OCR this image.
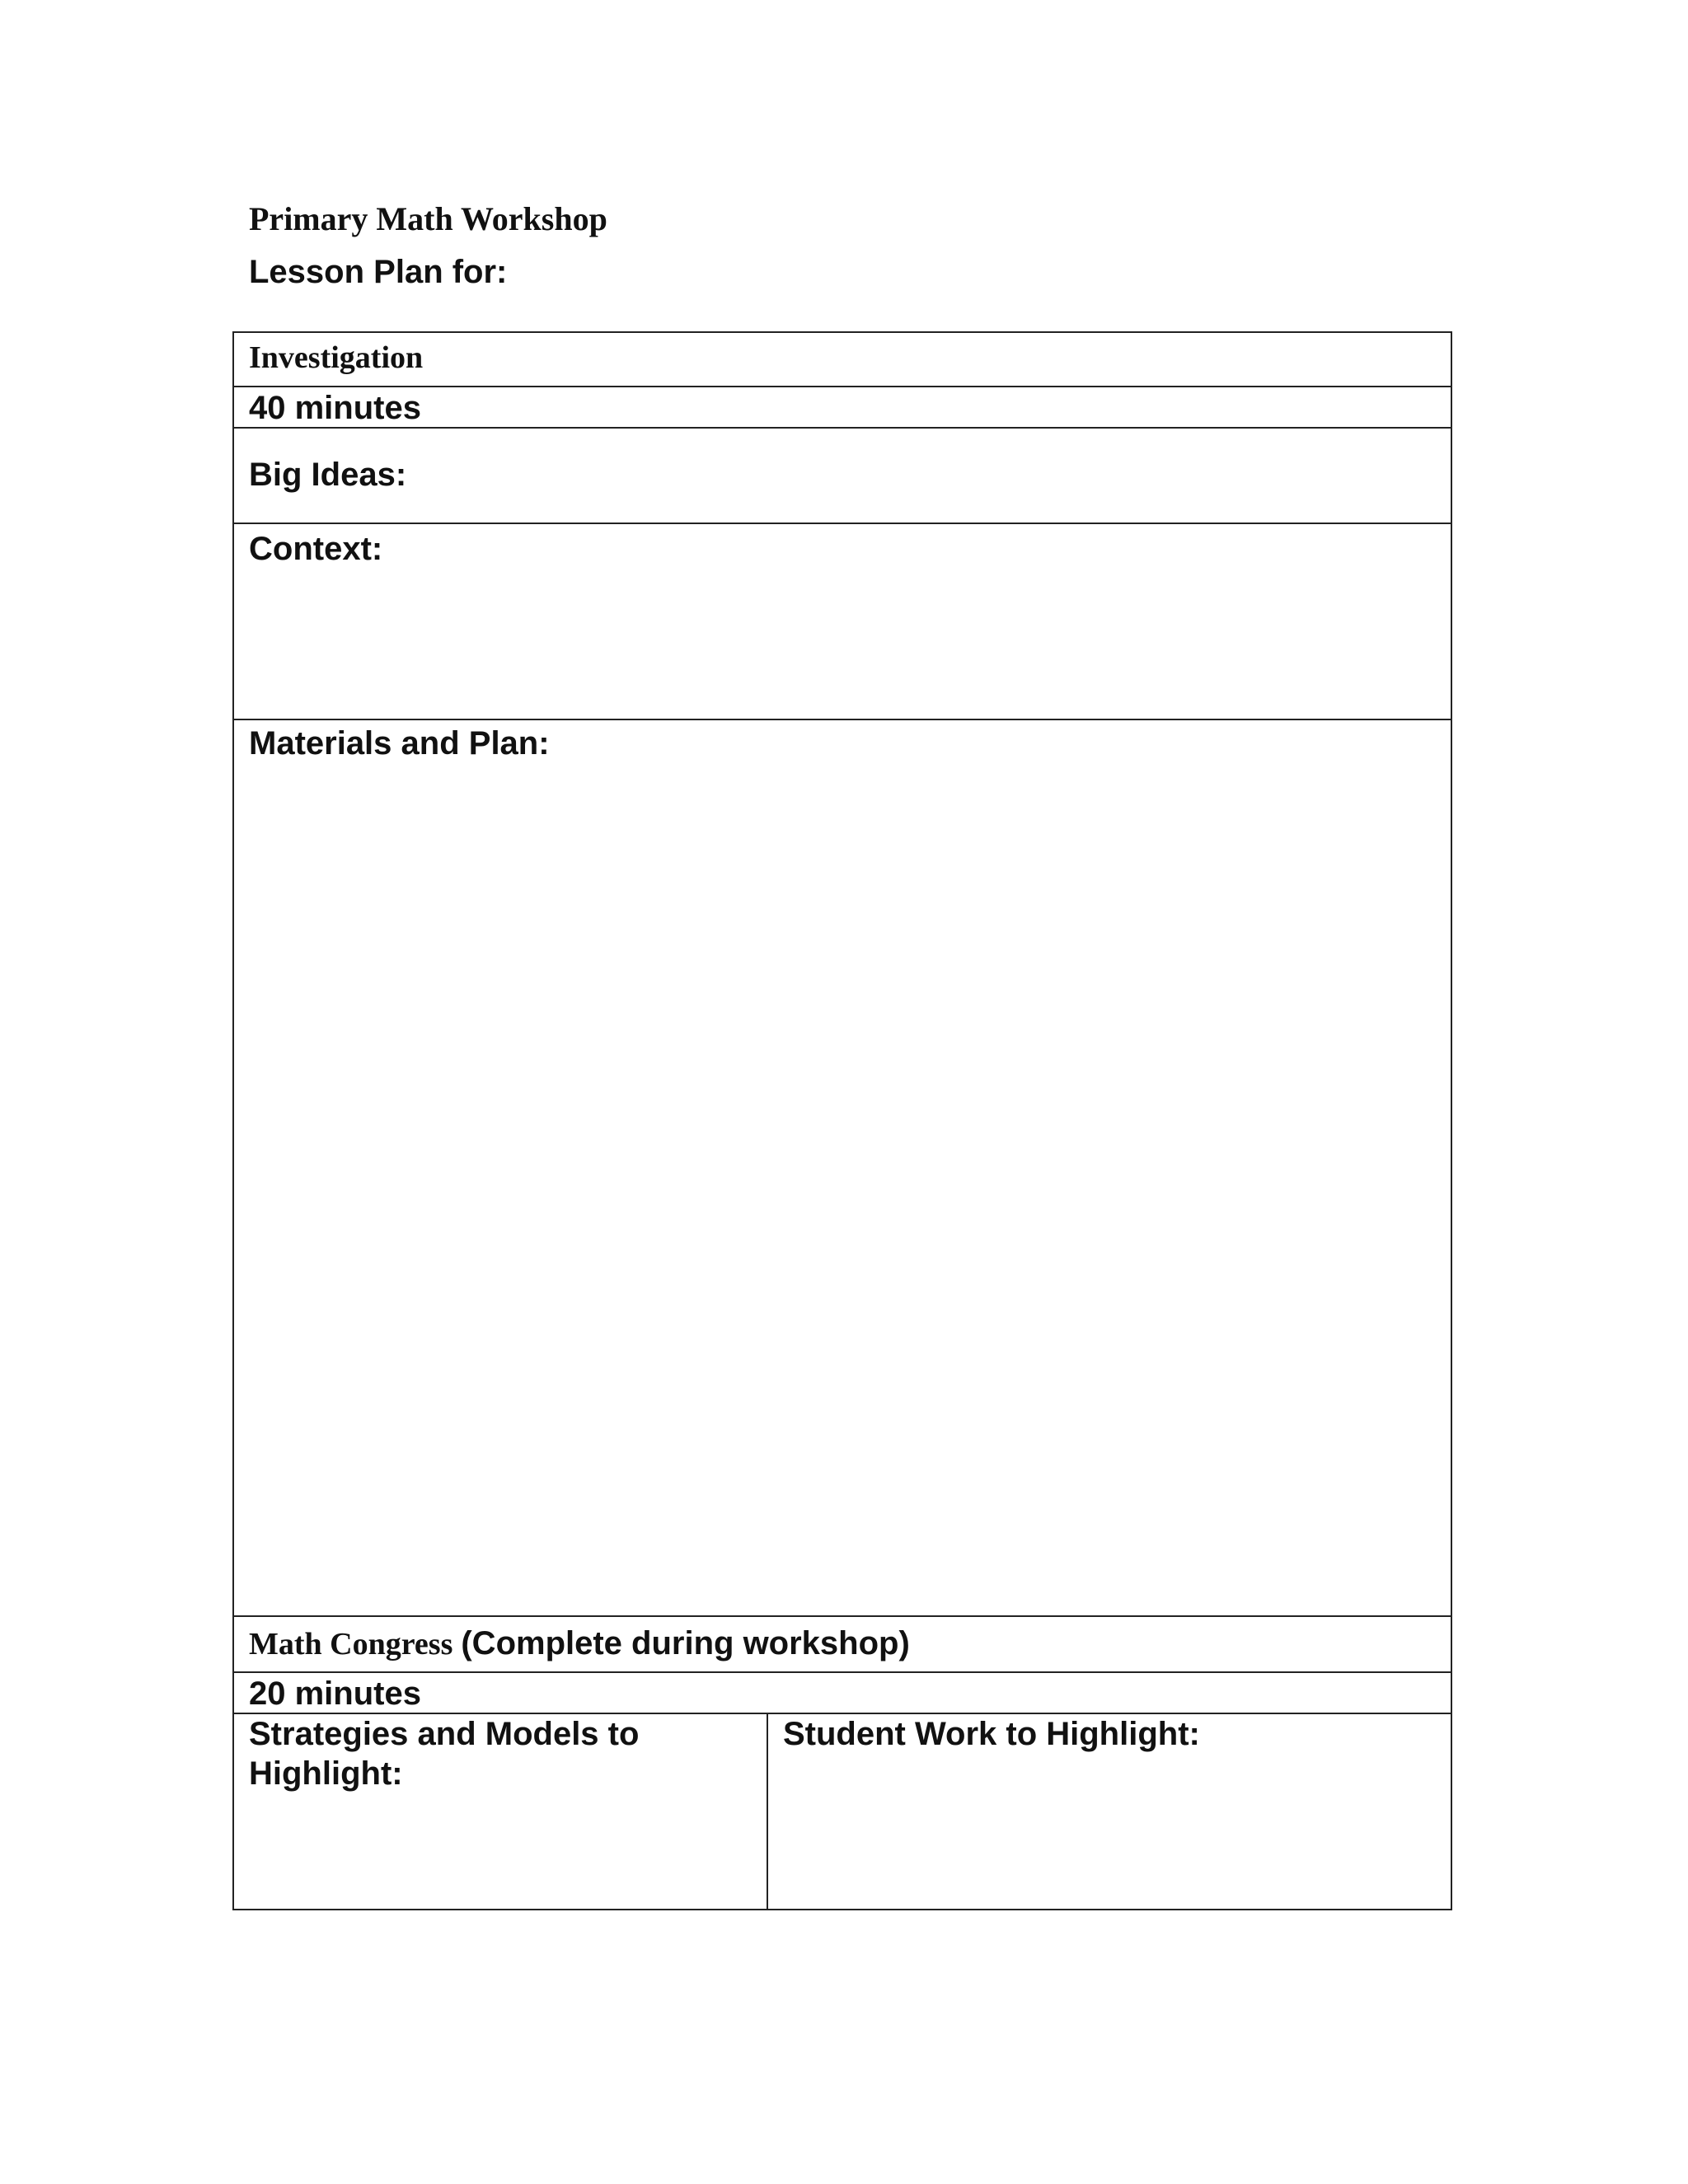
Primary Math Workshop
Lesson Plan for:
Investigation
40 minutes
Big Ideas:
Context:
Materials and Plan:
Math Congress (Complete during workshop)
20 minutes
Strategies and Models to Highlight:
Student Work to Highlight:
